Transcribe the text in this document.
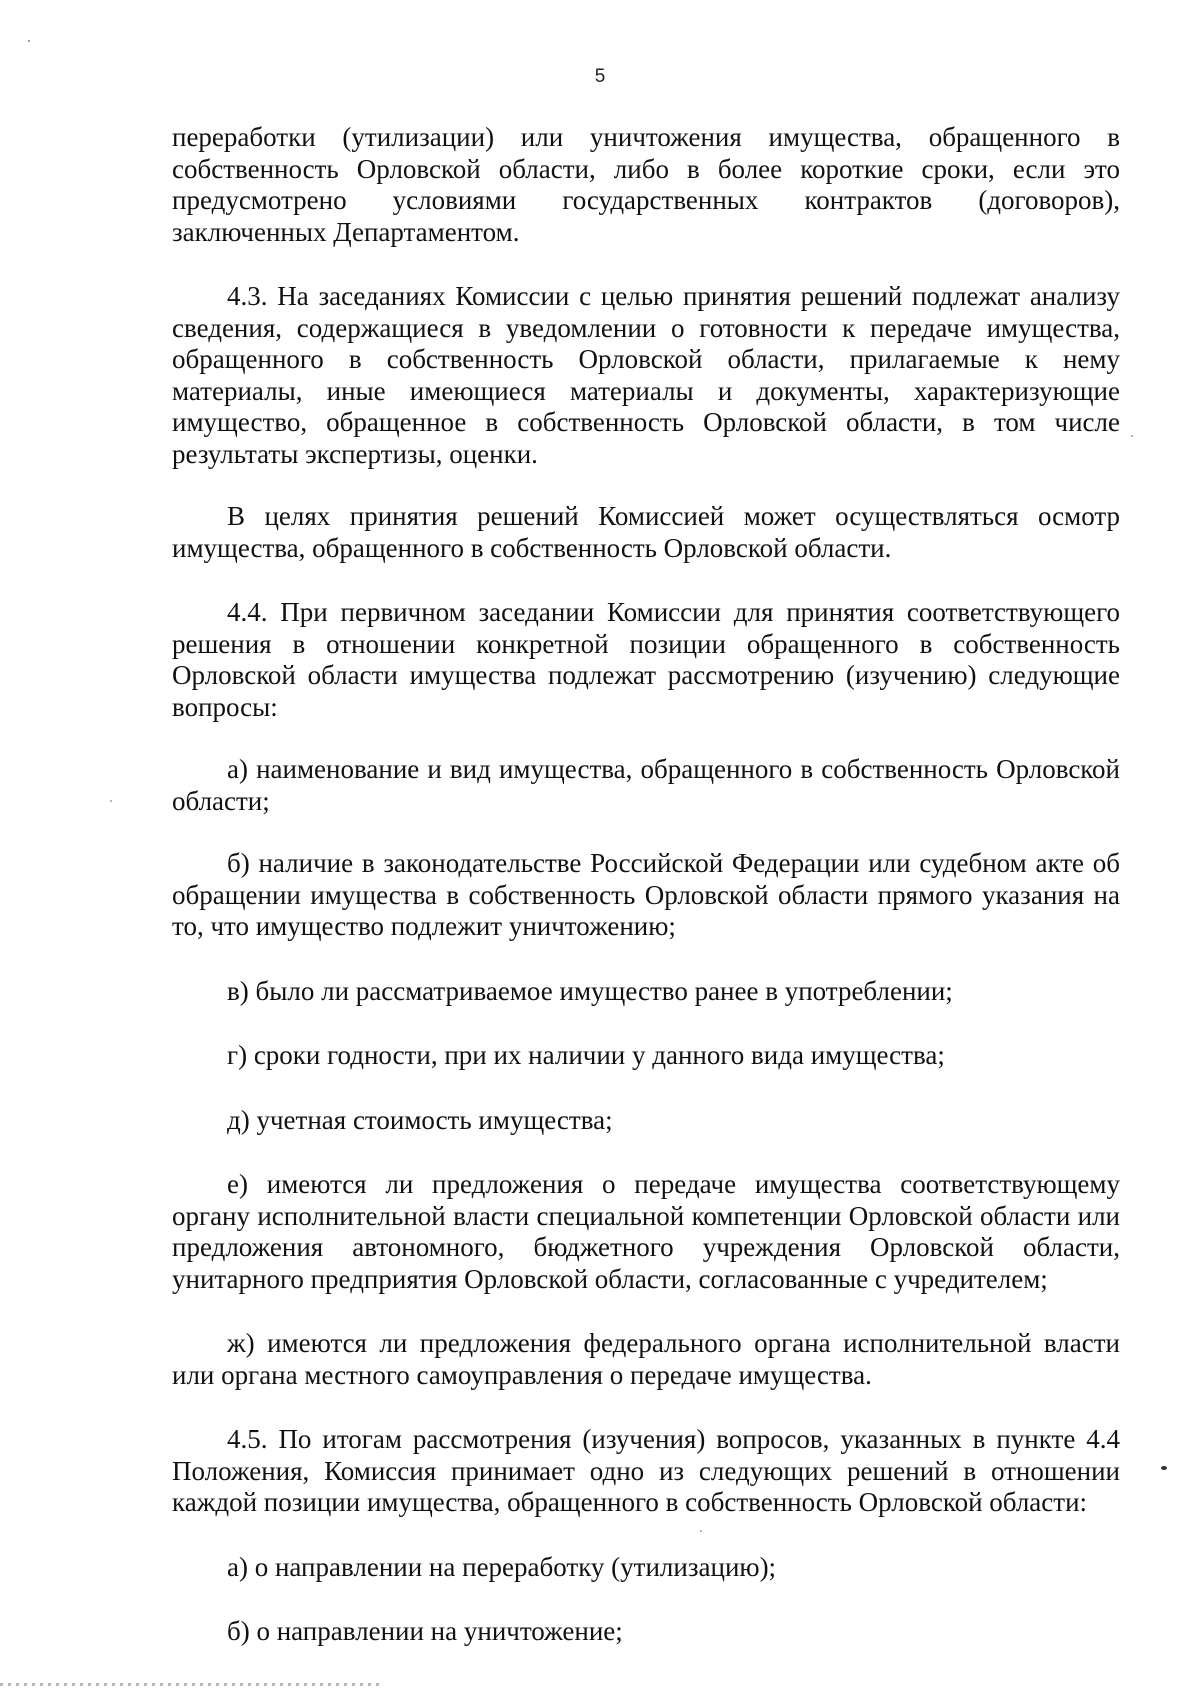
5

переработки (утилизации) или уничтожения имущества, обращенного в собственность Орловской области, либо в более короткие сроки, если это предусмотрено условиями государственных контрактов (договоров), заключенных Департаментом.

4.3. На заседаниях Комиссии с целью принятия решений подлежат анализу сведения, содержащиеся в уведомлении о готовности к передаче имущества, обращенного в собственность Орловской области, прилагаемые к нему материалы, иные имеющиеся материалы и документы, характеризующие имущество, обращенное в собственность Орловской области, в том числе результаты экспертизы, оценки.

В целях принятия решений Комиссией может осуществляться осмотр имущества, обращенного в собственность Орловской области.

4.4. При первичном заседании Комиссии для принятия соответствующего решения в отношении конкретной позиции обращенного в собственность Орловской области имущества подлежат рассмотрению (изучению) следующие вопросы:

а) наименование и вид имущества, обращенного в собственность Орловской области;

б) наличие в законодательстве Российской Федерации или судебном акте об обращении имущества в собственность Орловской области прямого указания на то, что имущество подлежит уничтожению;

в) было ли рассматриваемое имущество ранее в употреблении;

г) сроки годности, при их наличии у данного вида имущества;

д) учетная стоимость имущества;

е) имеются ли предложения о передаче имущества соответствующему органу исполнительной власти специальной компетенции Орловской области или предложения автономного, бюджетного учреждения Орловской области, унитарного предприятия Орловской области, согласованные с учредителем;

ж) имеются ли предложения федерального органа исполнительной власти или органа местного самоуправления о передаче имущества.

4.5. По итогам рассмотрения (изучения) вопросов, указанных в пункте 4.4 Положения, Комиссия принимает одно из следующих решений в отношении каждой позиции имущества, обращенного в собственность Орловской области:

а) о направлении на переработку (утилизацию);

б) о направлении на уничтожение;
